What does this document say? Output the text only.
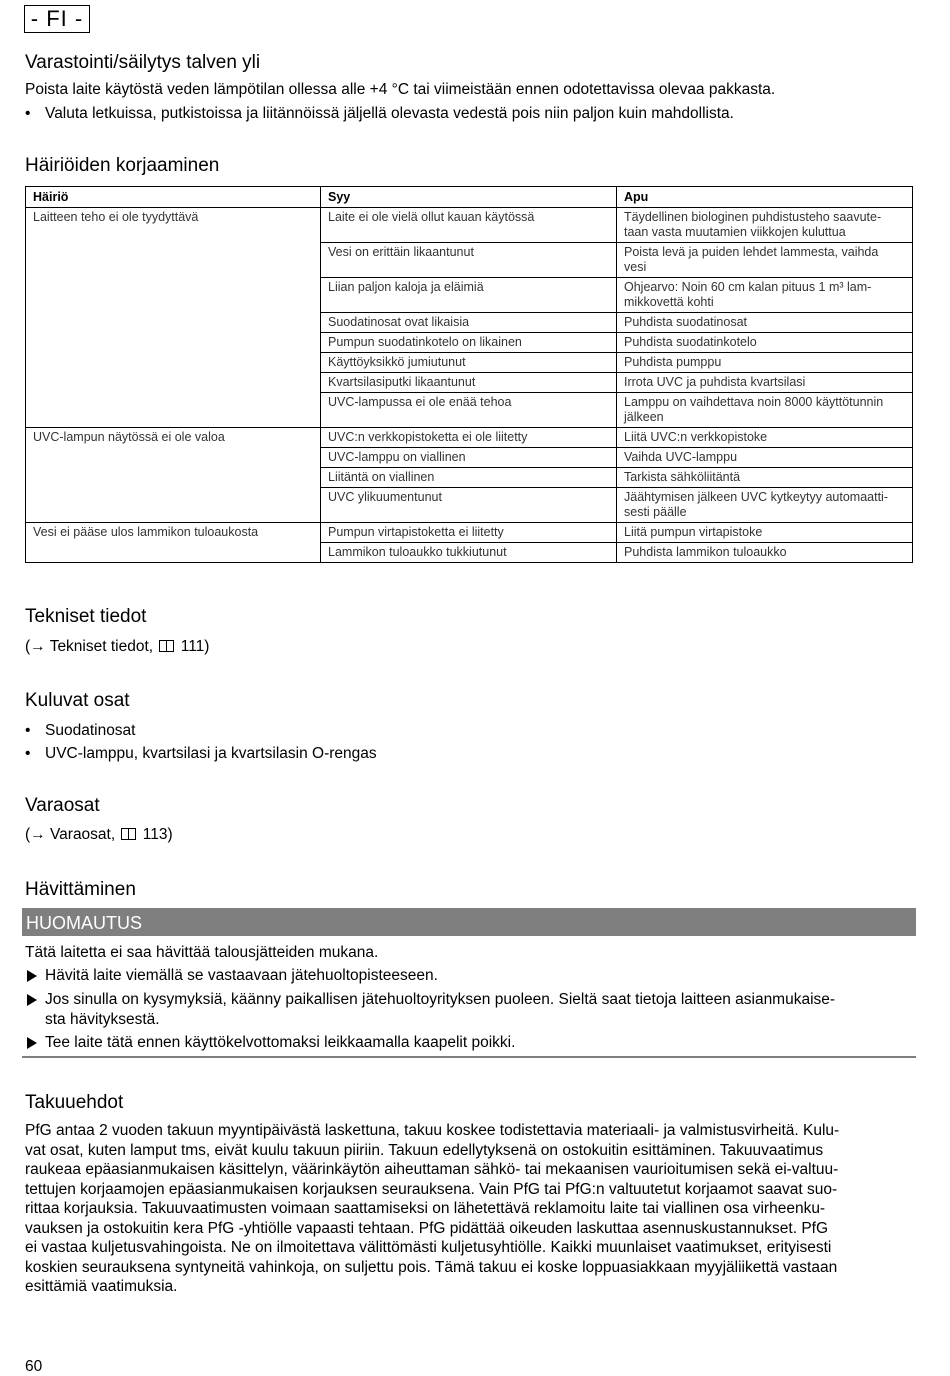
- FI -
Varastointi/säilytys talven yli

Poista laite käytöstä veden lämpötilan ollessa alle +4 °C tai viimeistään ennen odotettavissa olevaa pakkasta.

• Valuta letkuissa, putkistoissa ja liitännöissä jäljellä olevasta vedestä pois niin paljon kuin mahdollista.
Häiriöiden korjaaminen
Häiriö	Syy	Apu
Laitteen teho ei ole tyydyttävä	Laite ei ole vielä ollut kauan käytössä	Täydellinen biologinen puhdistusteho saavute-
taan vasta muutamien viikkojen kuluttua
	Vesi on erittäin likaantunut	Poista levä ja puiden lehdet lammesta, vaihda
vesi
	Liian paljon kaloja ja eläimiä	Ohjearvo: Noin 60 cm kalan pituus 1 m³ lam-
mikkovettä kohti
	Suodatinosat ovat likaisia	Puhdista suodatinosat
	Pumpun suodatinkotelo on likainen	Puhdista suodatinkotelo
	Käyttöyksikkö jumiutunut	Puhdista pumppu
	Kvartsilasiputki likaantunut	Irrota UVC ja puhdista kvartsilasi
	UVC-lampussa ei ole enää tehoa	Lamppu on vaihdettava noin 8000 käyttötunnin
jälkeen
UVC-lampun näytössä ei ole valoa	UVC:n verkkopistoketta ei ole liitetty	Liitä UVC:n verkkopistoke
	UVC-lamppu on viallinen	Vaihda UVC-lamppu
	Liitäntä on viallinen	Tarkista sähköliitäntä
	UVC ylikuumentunut	Jäähtymisen jälkeen UVC kytkeytyy automaatti-
sesti päälle
Vesi ei pääse ulos lammikon tuloaukosta	Pumpun virtapistoketta ei liitetty	Liitä pumpun virtapistoke
	Lammikon tuloaukko tukkiutunut	Puhdista lammikon tuloaukko
Tekniset tiedot

(→ Tekniset tiedot, 111)

Kuluvat osat
• Suodatinosat
• UVC-lamppu, kvartsilasi ja kvartsilasin O-rengas
Varaosat

(→ Varaosat, 113)

Hävittäminen
HUOMAUTUS

Tätä laitetta ei saa hävittää talousjätteiden mukana.

Hävitä laite viemällä se vastaavaan jätehuoltopisteeseen.
Jos sinulla on kysymyksiä, käänny paikallisen jätehuoltoyrityksen puoleen. Sieltä saat tietoja laitteen asianmukaise-
sta hävityksestä.
Tee laite tätä ennen käyttökelvottomaksi leikkaamalla kaapelit poikki.
Takuuehdot

PfG antaa 2 vuoden takuun myyntipäivästä laskettuna, takuu koskee todistettavia materiaali- ja valmistusvirheitä. Kulu-
vat osat, kuten lamput tms, eivät kuulu takuun piiriin. Takuun edellytyksenä on ostokuitin esittäminen. Takuuvaatimus
raukeaa epäasianmukaisen käsittelyn, väärinkäytön aiheuttaman sähkö- tai mekaanisen vaurioitumisen sekä ei-valtuu-
tettujen korjaamojen epäasianmukaisen korjauksen seurauksena. Vain PfG tai PfG:n valtuutetut korjaamot saavat suo-
rittaa korjauksia. Takuuvaatimusten voimaan saattamiseksi on lähetettävä reklamoitu laite tai viallinen osa virheenku-
vauksen ja ostokuitin kera PfG -yhtiölle vapaasti tehtaan. PfG pidättää oikeuden laskuttaa asennuskustannukset. PfG
ei vastaa kuljetusvahingoista. Ne on ilmoitettava välittömästi kuljetusyhtiölle. Kaikki muunlaiset vaatimukset, erityisesti
koskien seurauksena syntyneitä vahinkoja, on suljettu pois. Tämä takuu ei koske loppuasiakkaan myyjäliikettä vastaan
esittämiä vaatimuksia.

60
